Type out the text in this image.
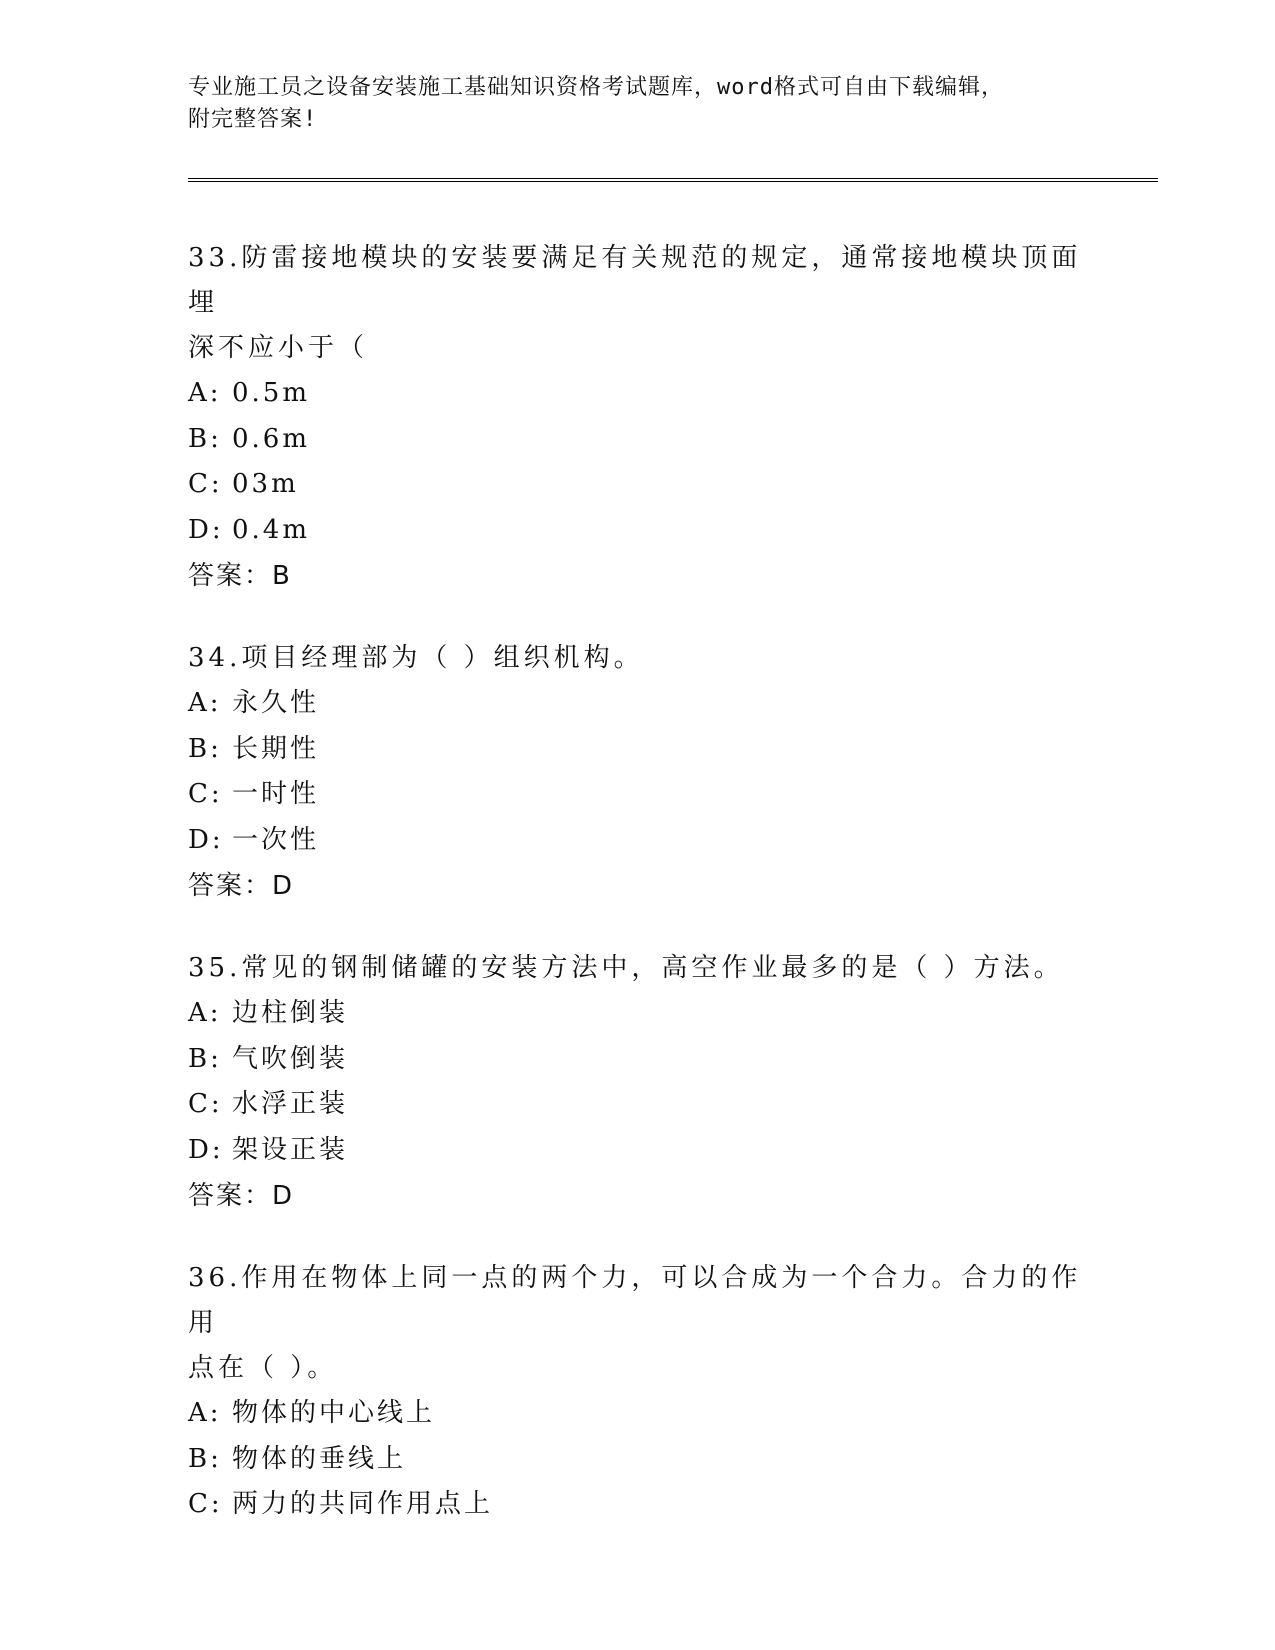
专业施工员之设备安装施工基础知识资格考试题库，word格式可自由下载编辑，
附完整答案!

33.防雷接地模块的安装要满足有关规范的规定，通常接地模块顶面埋
深不应小于（

A: 0.5m

B: 0.6m

C: 03m

D: 0.4m

答案：B

34.项目经理部为（ ）组织机构。

A: 永久性

B: 长期性

C: 一时性

D: 一次性

答案：D

35.常见的钢制储罐的安装方法中，高空作业最多的是（ ）方法。

A: 边柱倒装

B: 气吹倒装

C: 水浮正装

D: 架设正装

答案：D

36.作用在物体上同一点的两个力，可以合成为一个合力。合力的作用
点在（ ）。

A: 物体的中心线上

B: 物体的垂线上

C: 两力的共同作用点上
